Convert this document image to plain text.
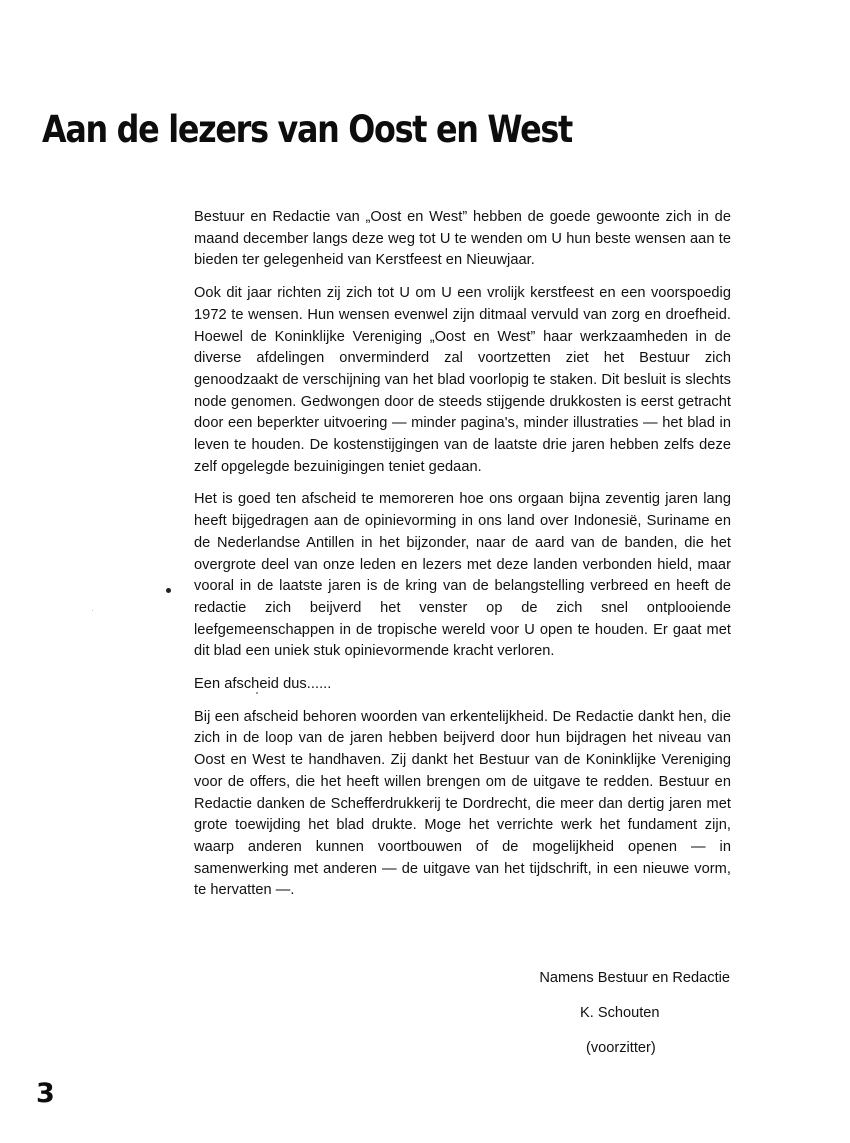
Aan de lezers van Oost en West

Bestuur en Redactie van „Oost en West” hebben de goede gewoonte zich in de maand december langs deze weg tot U te wenden om U hun beste wensen aan te bieden ter gelegenheid van Kerstfeest en Nieuwjaar.

Ook dit jaar richten zij zich tot U om U een vrolijk kerstfeest en een voorspoedig 1972 te wensen. Hun wensen evenwel zijn ditmaal vervuld van zorg en droefheid. Hoewel de Koninklijke Vereniging „Oost en West” haar werkzaamheden in de diverse afdelingen onverminderd zal voortzetten ziet het Bestuur zich genoodzaakt de verschijning van het blad voorlopig te staken. Dit besluit is slechts node genomen. Gedwongen door de steeds stijgende drukkosten is eerst getracht door een beperkter uitvoering — minder pagina's, minder illustraties — het blad in leven te houden. De kostenstijgingen van de laatste drie jaren hebben zelfs deze zelf opgelegde bezuinigingen teniet gedaan.

Het is goed ten afscheid te memoreren hoe ons orgaan bijna zeventig jaren lang heeft bijgedragen aan de opinievorming in ons land over Indonesië, Suriname en de Nederlandse Antillen in het bijzonder, naar de aard van de banden, die het overgrote deel van onze leden en lezers met deze landen verbonden hield, maar vooral in de laatste jaren is de kring van de belangstelling verbreed en heeft de redactie zich beijverd het venster op de zich snel ontplooiende leefgemeenschappen in de tropische wereld voor U open te houden. Er gaat met dit blad een uniek stuk opinievormende kracht verloren.

Een afscheid dus......

Bij een afscheid behoren woorden van erkentelijkheid. De Redactie dankt hen, die zich in de loop van de jaren hebben beijverd door hun bijdragen het niveau van Oost en West te handhaven. Zij dankt het Bestuur van de Koninklijke Vereniging voor de offers, die het heeft willen brengen om de uitgave te redden. Bestuur en Redactie danken de Schefferdrukkerij te Dordrecht, die meer dan dertig jaren met grote toewijding het blad drukte. Moge het verrichte werk het fundament zijn, waarp anderen kunnen voortbouwen of de mogelijkheid openen — in samenwerking met anderen — de uitgave van het tijdschrift, in een nieuwe vorm, te hervatten —.

Namens Bestuur en Redactie
K. Schouten
(voorzitter)
3
